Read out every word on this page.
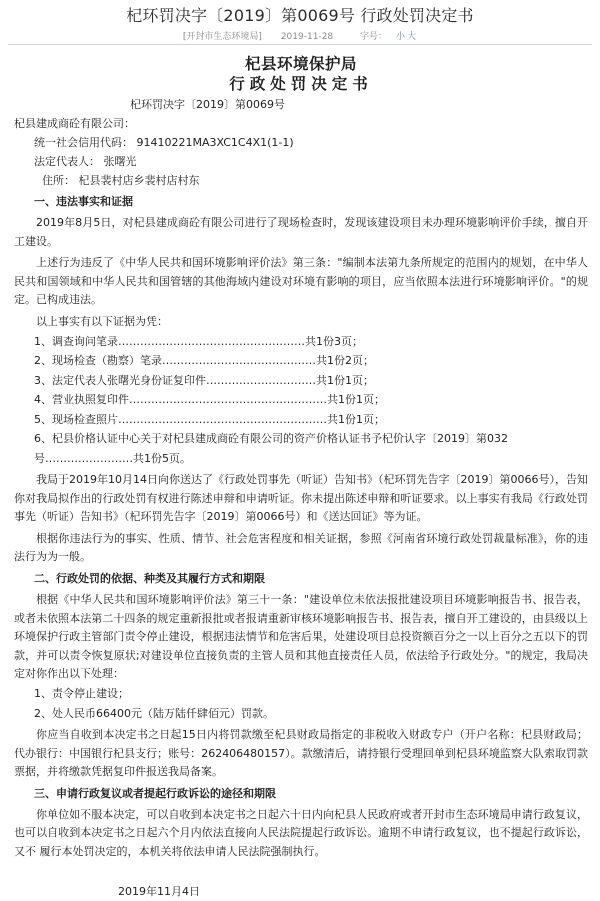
杞环罚决字〔2019〕第0069号 行政处罚决定书
[开封市生态环境局] 2019-11-28	字号： 小 大
杞县环境保护局
行政处罚决定书
杞环罚决字〔2019〕第0069号
杞县建成商砼有限公司：
统一社会信用代码： 91410221MA3XC1C4X1(1-1)
法定代表人： 张曙光
住所： 杞县裴村店乡裴村店村东
一、违法事实和证据

2019年8月5日，对杞县建成商砼有限公司进行了现场检查时，发现该建设项目未办理环境影响评价手续，擅自开工建设。

上述行为违反了《中华人民共和国环境影响评价法》第三条："编制本法第九条所规定的范围内的规划，在中华人民共和国领域和中华人民共和国管辖的其他海域内建设对环境有影响的项目，应当依照本法进行环境影响评价。"的规定。已构成违法。

以上事实有以下证据为凭：

1、调查询问笔录……………………………………………共1份3页；
2、现场检查（勘察）笔录……………………………………共1份2页；
3、法定代表人张曙光身份证复印件…………………………共1份1页；
4、营业执照复印件………………………………………………共1份1页；
5、现场检查照片…………………………………………………共1份1页；
6、杞县价格认证中心关于对杞县建成商砼有限公司的资产价格认证书予杞价认字〔2019〕第032号……………………共1份5页。

我局于2019年10月14日向你送达了《行政处罚事先（听证）告知书》（杞环罚先告字〔2019〕第0066号），告知你对我局拟作出的行政处罚有权进行陈述申辩和申请听证。你未提出陈述申辩和听证要求。以上事实有我局《行政处罚事先（听证）告知书》（杞环罚先告字〔2019〕第0066号）和《送达回证》等为证。

根据你违法行为的事实、性质、情节、社会危害程度和相关证据，参照《河南省环境行政处罚裁量标准》，你的违法行为为一般。

二、行政处罚的依据、种类及其履行方式和期限

根据《中华人民共和国环境影响评价法》第三十一条："建设单位未依法报批建设项目环境影响报告书、报告表，或者未依照本法第二十四条的规定重新报批或者报请重新审核环境影响报告书、报告表，擅自开工建设的，由县级以上环境保护行政主管部门责令停止建设，根据违法情节和危害后果，处建设项目总投资额百分之一以上百分之五以下的罚款，并可以责令恢复原状;对建设单位直接负责的主管人员和其他直接责任人员，依法给予行政处分。"的规定，我局决定对你作出以下处理：

1、责令停止建设；
2、处人民币66400元（陆万陆仟肆佰元）罚款。

你应当自收到本决定书之日起15日内将罚款缴至杞县财政局指定的非税收入财政专户（开户名称：杞县财政局；代办银行：中国银行杞县支行；账号：262406480157）。款缴清后，请持银行受理回单到杞县环境监察大队索取罚款票据，并将缴款凭据复印件报送我局备案。

三、申请行政复议或者提起行政诉讼的途径和期限

你单位如不服本决定，可以自收到本决定书之日起六十日内向杞县人民政府或者开封市生态环境局申请行政复议，也可以自收到本决定书之日起六个月内依法直接向人民法院提起行政诉讼。逾期不申请行政复议，也不提起行政诉讼，又不 履行本处罚决定的，本机关将依法申请人民法院强制执行。

2019年11月4日
